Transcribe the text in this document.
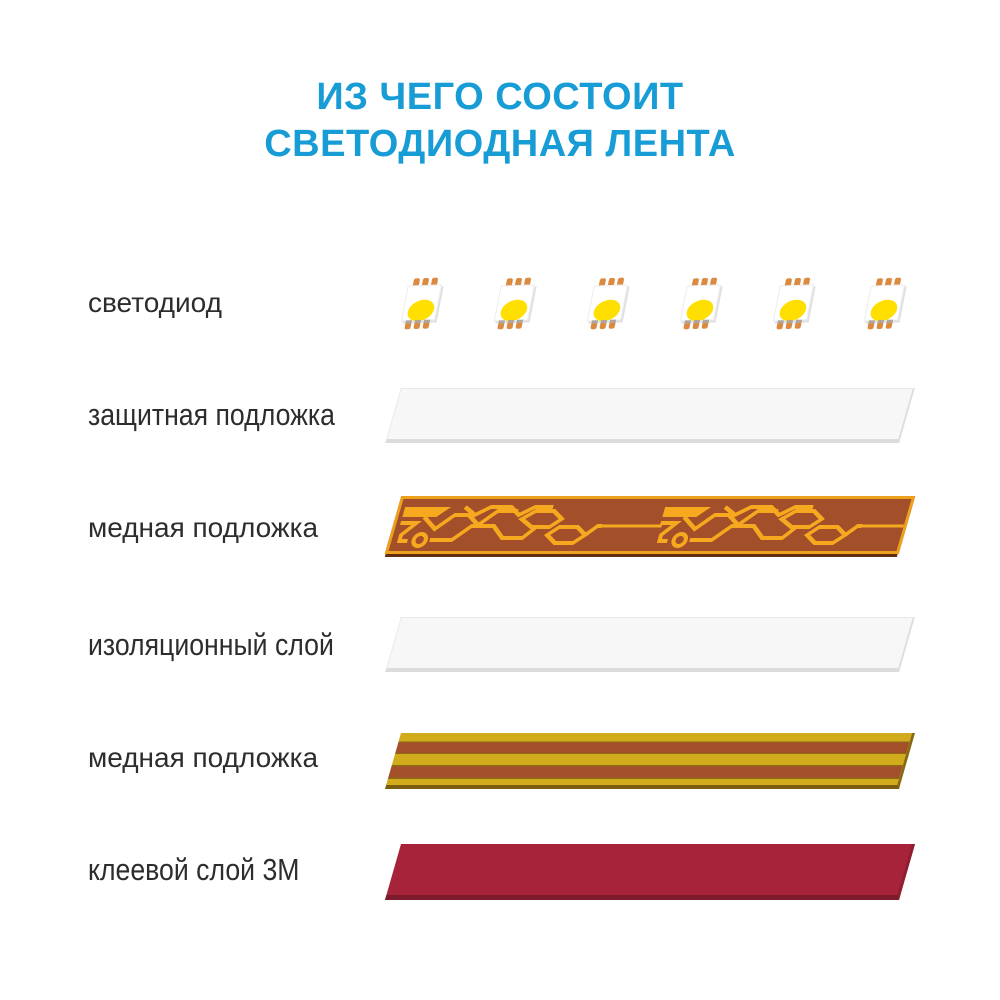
ИЗ ЧЕГО СОСТОИТ
СВЕТОДИОДНАЯ ЛЕНТА
светодиод
защитная подложка
медная подложка
изоляционный слой
медная подложка
клеевой слой 3М
